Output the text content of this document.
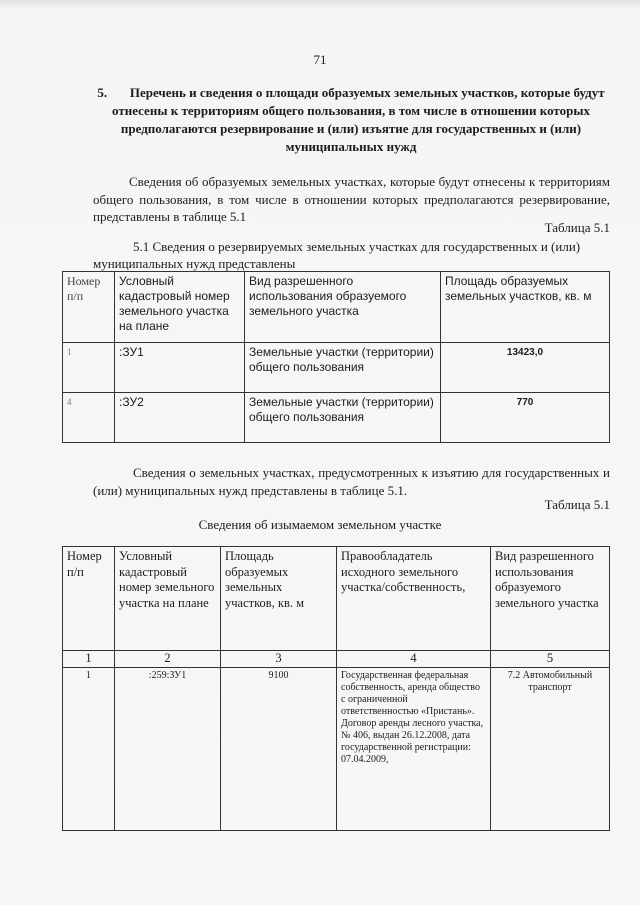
71
5.       Перечень и сведения о площади образуемых земельных участков, которые будут отнесены к территориям общего пользования, в том числе в отношении которых предполагаются резервирование и (или) изъятие для государственных и (или) муниципальных нужд
Сведения об образуемых земельных участках, которые будут отнесены к территориям общего пользования, в том числе в отношении которых предполагаются резервирование, представлены в таблице 5.1
Таблица 5.1
5.1 Сведения о резервируемых земельных участках для государственных и (или) муниципальных нужд представлены
Номер п/п	Условный кадастровый номер земельного участка на плане	Вид разрешенного использования образуемого земельного участка	Площадь образуемых земельных участков, кв. м
1	:ЗУ1	Земельные участки (территории) общего пользования	13423,0
4	:ЗУ2	Земельные участки (территории) общего пользования	770
Сведения о земельных участках, предусмотренных к изъятию для государственных и (или) муниципальных нужд представлены в таблице 5.1.
Таблица 5.1
Сведения об изымаемом земельном участке
Номер п/п	Условный кадастровый номер земельного участка на плане	Площадь образуемых земельных участков, кв. м	Правообладатель исходного земельного участка/собственность,	Вид разрешенного использования образуемого земельного участка
1	2	3	4	5
1	:259:ЗУ1	9100	Государственная федеральная собственность, аренда общество с ограниченной ответственностью «Пристань». Договор аренды лесного участка, № 406, выдан 26.12.2008, дата государственной регистрации: 07.04.2009,	7.2 Автомобильный транспорт
